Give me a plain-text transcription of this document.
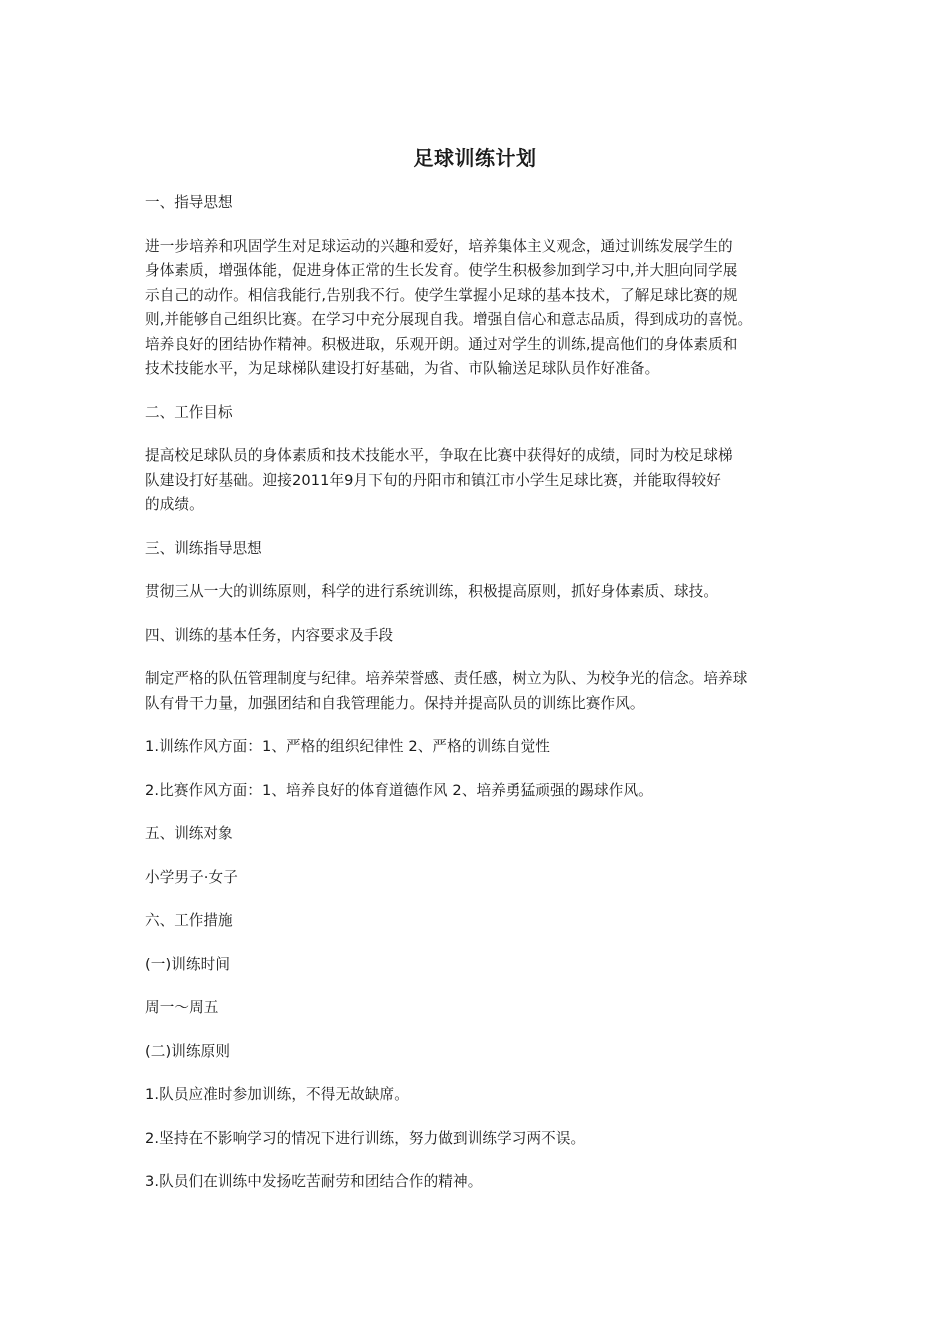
足球训练计划

一、指导思想

进一步培养和巩固学生对足球运动的兴趣和爱好，培养集体主义观念，通过训练发展学生的

身体素质，增强体能，促进身体正常的生长发育。使学生积极参加到学习中,并大胆向同学展

示自己的动作。相信我能行,告别我不行。使学生掌握小足球的基本技术，了解足球比赛的规

则,并能够自己组织比赛。在学习中充分展现自我。增强自信心和意志品质，得到成功的喜悦。

培养良好的团结协作精神。积极进取，乐观开朗。通过对学生的训练,提高他们的身体素质和

技术技能水平，为足球梯队建设打好基础，为省、市队输送足球队员作好准备。

二、工作目标

提高校足球队员的身体素质和技术技能水平，争取在比赛中获得好的成绩，同时为校足球梯

队建设打好基础。迎接2011年9月下旬的丹阳市和镇江市小学生足球比赛，并能取得较好

的成绩。

三、训练指导思想

贯彻三从一大的训练原则，科学的进行系统训练，积极提高原则，抓好身体素质、球技。

四、训练的基本任务，内容要求及手段

制定严格的队伍管理制度与纪律。培养荣誉感、责任感，树立为队、为校争光的信念。培养球

队有骨干力量，加强团结和自我管理能力。保持并提高队员的训练比赛作风。

1.训练作风方面：1、严格的组织纪律性 2、严格的训练自觉性

2.比赛作风方面：1、培养良好的体育道德作风 2、培养勇猛顽强的踢球作风。

五、训练对象

小学男子·女子

六、工作措施

(一)训练时间

周一～周五

(二)训练原则

1.队员应准时参加训练，不得无故缺席。

2.坚持在不影响学习的情况下进行训练，努力做到训练学习两不误。

3.队员们在训练中发扬吃苦耐劳和团结合作的精神。
